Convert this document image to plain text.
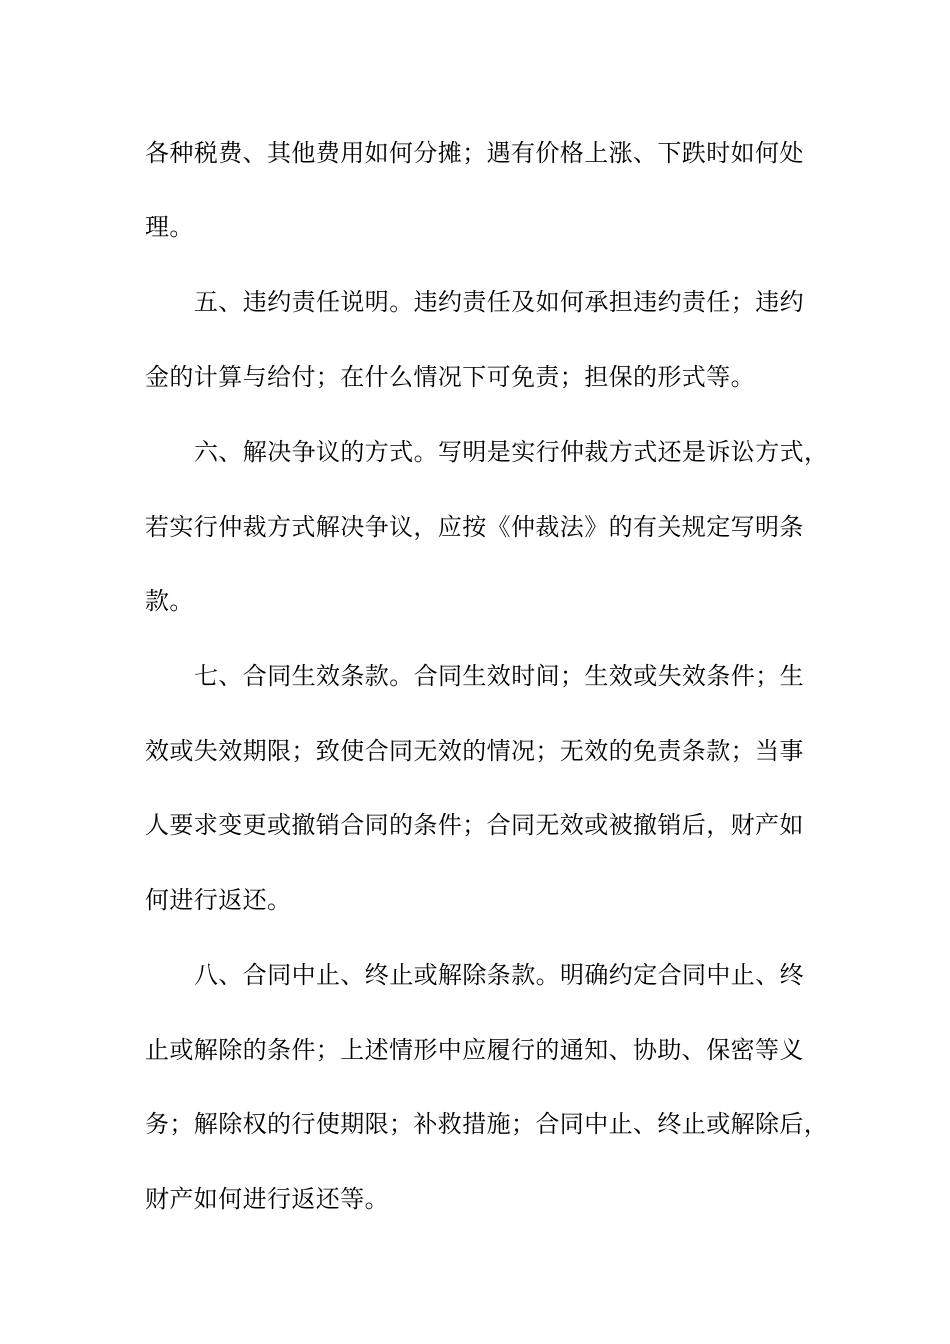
各种税费、其他费用如何分摊；遇有价格上涨、下跌时如何处
理。
五、违约责任说明。违约责任及如何承担违约责任；违约
金的计算与给付；在什么情况下可免责；担保的形式等。
六、解决争议的方式。写明是实行仲裁方式还是诉讼方式，
若实行仲裁方式解决争议，应按《仲裁法》的有关规定写明条
款。
七、合同生效条款。合同生效时间；生效或失效条件；生
效或失效期限；致使合同无效的情况；无效的免责条款；当事
人要求变更或撤销合同的条件；合同无效或被撤销后，财产如
何进行返还。
八、合同中止、终止或解除条款。明确约定合同中止、终
止或解除的条件；上述情形中应履行的通知、协助、保密等义
务；解除权的行使期限；补救措施；合同中止、终止或解除后，
财产如何进行返还等。
